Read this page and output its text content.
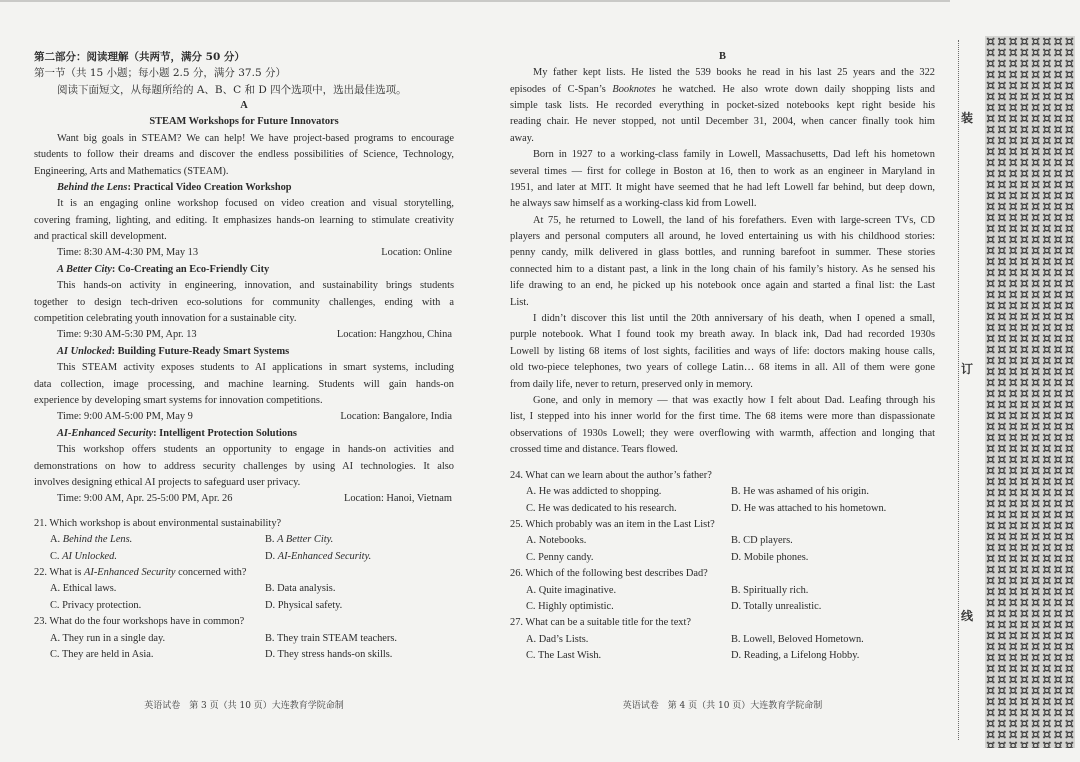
第二部分：阅读理解（共两节，满分 50 分）
第一节（共 15 小题；每小题 2.5 分，满分 37.5 分）
阅读下面短文，从每题所给的 A、B、C 和 D 四个选项中，选出最佳选项。
A
STEAM Workshops for Future Innovators
Want big goals in STEAM? We can help! We have project-based programs to encourage
students to follow their dreams and discover the endless possibilities of Science, Technology,
Engineering, Arts and Mathematics (STEAM).
Behind the Lens: Practical Video Creation Workshop
It is an engaging online workshop focused on video creation and visual storytelling,
covering framing, lighting, and editing. It emphasizes hands-on learning to stimulate creativity
and practical skill development.
Time: 8:30 AM-4:30 PM, May 13	Location: Online
A Better City: Co-Creating an Eco-Friendly City
This hands-on activity in engineering, innovation, and sustainability brings students
together to design tech-driven eco-solutions for community challenges, ending with a
competition celebrating youth innovation for a sustainable city.
Time: 9:30 AM-5:30 PM, Apr. 13	Location: Hangzhou, China
AI Unlocked: Building Future-Ready Smart Systems
This STEAM activity exposes students to AI applications in smart systems, including
data collection, image processing, and machine learning. Students will gain hands-on
experience by developing smart systems for innovation competitions.
Time: 9:00 AM-5:00 PM, May 9	Location: Bangalore, India
AI-Enhanced Security: Intelligent Protection Solutions
This workshop offers students an opportunity to engage in hands-on activities and
demonstrations on how to address security challenges by using AI technologies. It also
involves designing ethical AI projects to safeguard user privacy.
Time: 9:00 AM, Apr. 25-5:00 PM, Apr. 26	Location: Hanoi, Vietnam
21. Which workshop is about environmental sustainability?
A. Behind the Lens.	B. A Better City.
C. AI Unlocked.	D. AI-Enhanced Security.
22. What is AI-Enhanced Security concerned with?
A. Ethical laws.	B. Data analysis.
C. Privacy protection.	D. Physical safety.
23. What do the four workshops have in common?
A. They run in a single day.	B. They train STEAM teachers.
C. They are held in Asia.	D. They stress hands-on skills.
英语试卷　第 3 页（共 10 页）大连教育学院命制
B
My father kept lists. He listed the 539 books he read in his last 25 years and the 322
episodes of C-Span’s Booknotes he watched. He also wrote down daily shopping lists and
simple task lists. He recorded everything in pocket-sized notebooks kept right beside his
reading chair. He never stopped, not until December 31, 2004, when cancer finally took him
away.
Born in 1927 to a working-class family in Lowell, Massachusetts, Dad left his hometown
several times — first for college in Boston at 16, then to work as an engineer in Maryland in
1951, and later at MIT. It might have seemed that he had left Lowell far behind, but deep down,
he always saw himself as a working-class kid from Lowell.
At 75, he returned to Lowell, the land of his forefathers. Even with large-screen TVs, CD
players and personal computers all around, he loved entertaining us with his childhood stories:
penny candy, milk delivered in glass bottles, and running barefoot in summer. These stories
connected him to a distant past, a link in the long chain of his family’s history. As he sensed his
life drawing to an end, he picked up his notebook once again and started a final list: the Last
List.
I didn’t discover this list until the 20th anniversary of his death, when I opened a small,
purple notebook. What I found took my breath away. In black ink, Dad had recorded 1930s
Lowell by listing 68 items of lost sights, facilities and ways of life: doctors making house calls,
old two-piece telephones, two years of college Latin… 68 items in all. All of them were gone
from daily life, never to return, preserved only in memory.
Gone, and only in memory — that was exactly how I felt about Dad. Leafing through his
list, I stepped into his inner world for the first time. The 68 items were more than dispassionate
observations of 1930s Lowell; they were overflowing with warmth, affection and longing that
crossed time and distance. Tears flowed.
24. What can we learn about the author’s father?
A. He was addicted to shopping.	B. He was ashamed of his origin.
C. He was dedicated to his research.	D. He was attached to his hometown.
25. Which probably was an item in the Last List?
A. Notebooks.	B. CD players.
C. Penny candy.	D. Mobile phones.
26. Which of the following best describes Dad?
A. Quite imaginative.	B. Spiritually rich.
C. Highly optimistic.	D. Totally unrealistic.
27. What can be a suitable title for the text?
A. Dad’s Lists.	B. Lowell, Beloved Hometown.
C. The Last Wish.	D. Reading, a Lifelong Hobby.
英语试卷　第 4 页（共 10 页）大连教育学院命制
装
订
线
